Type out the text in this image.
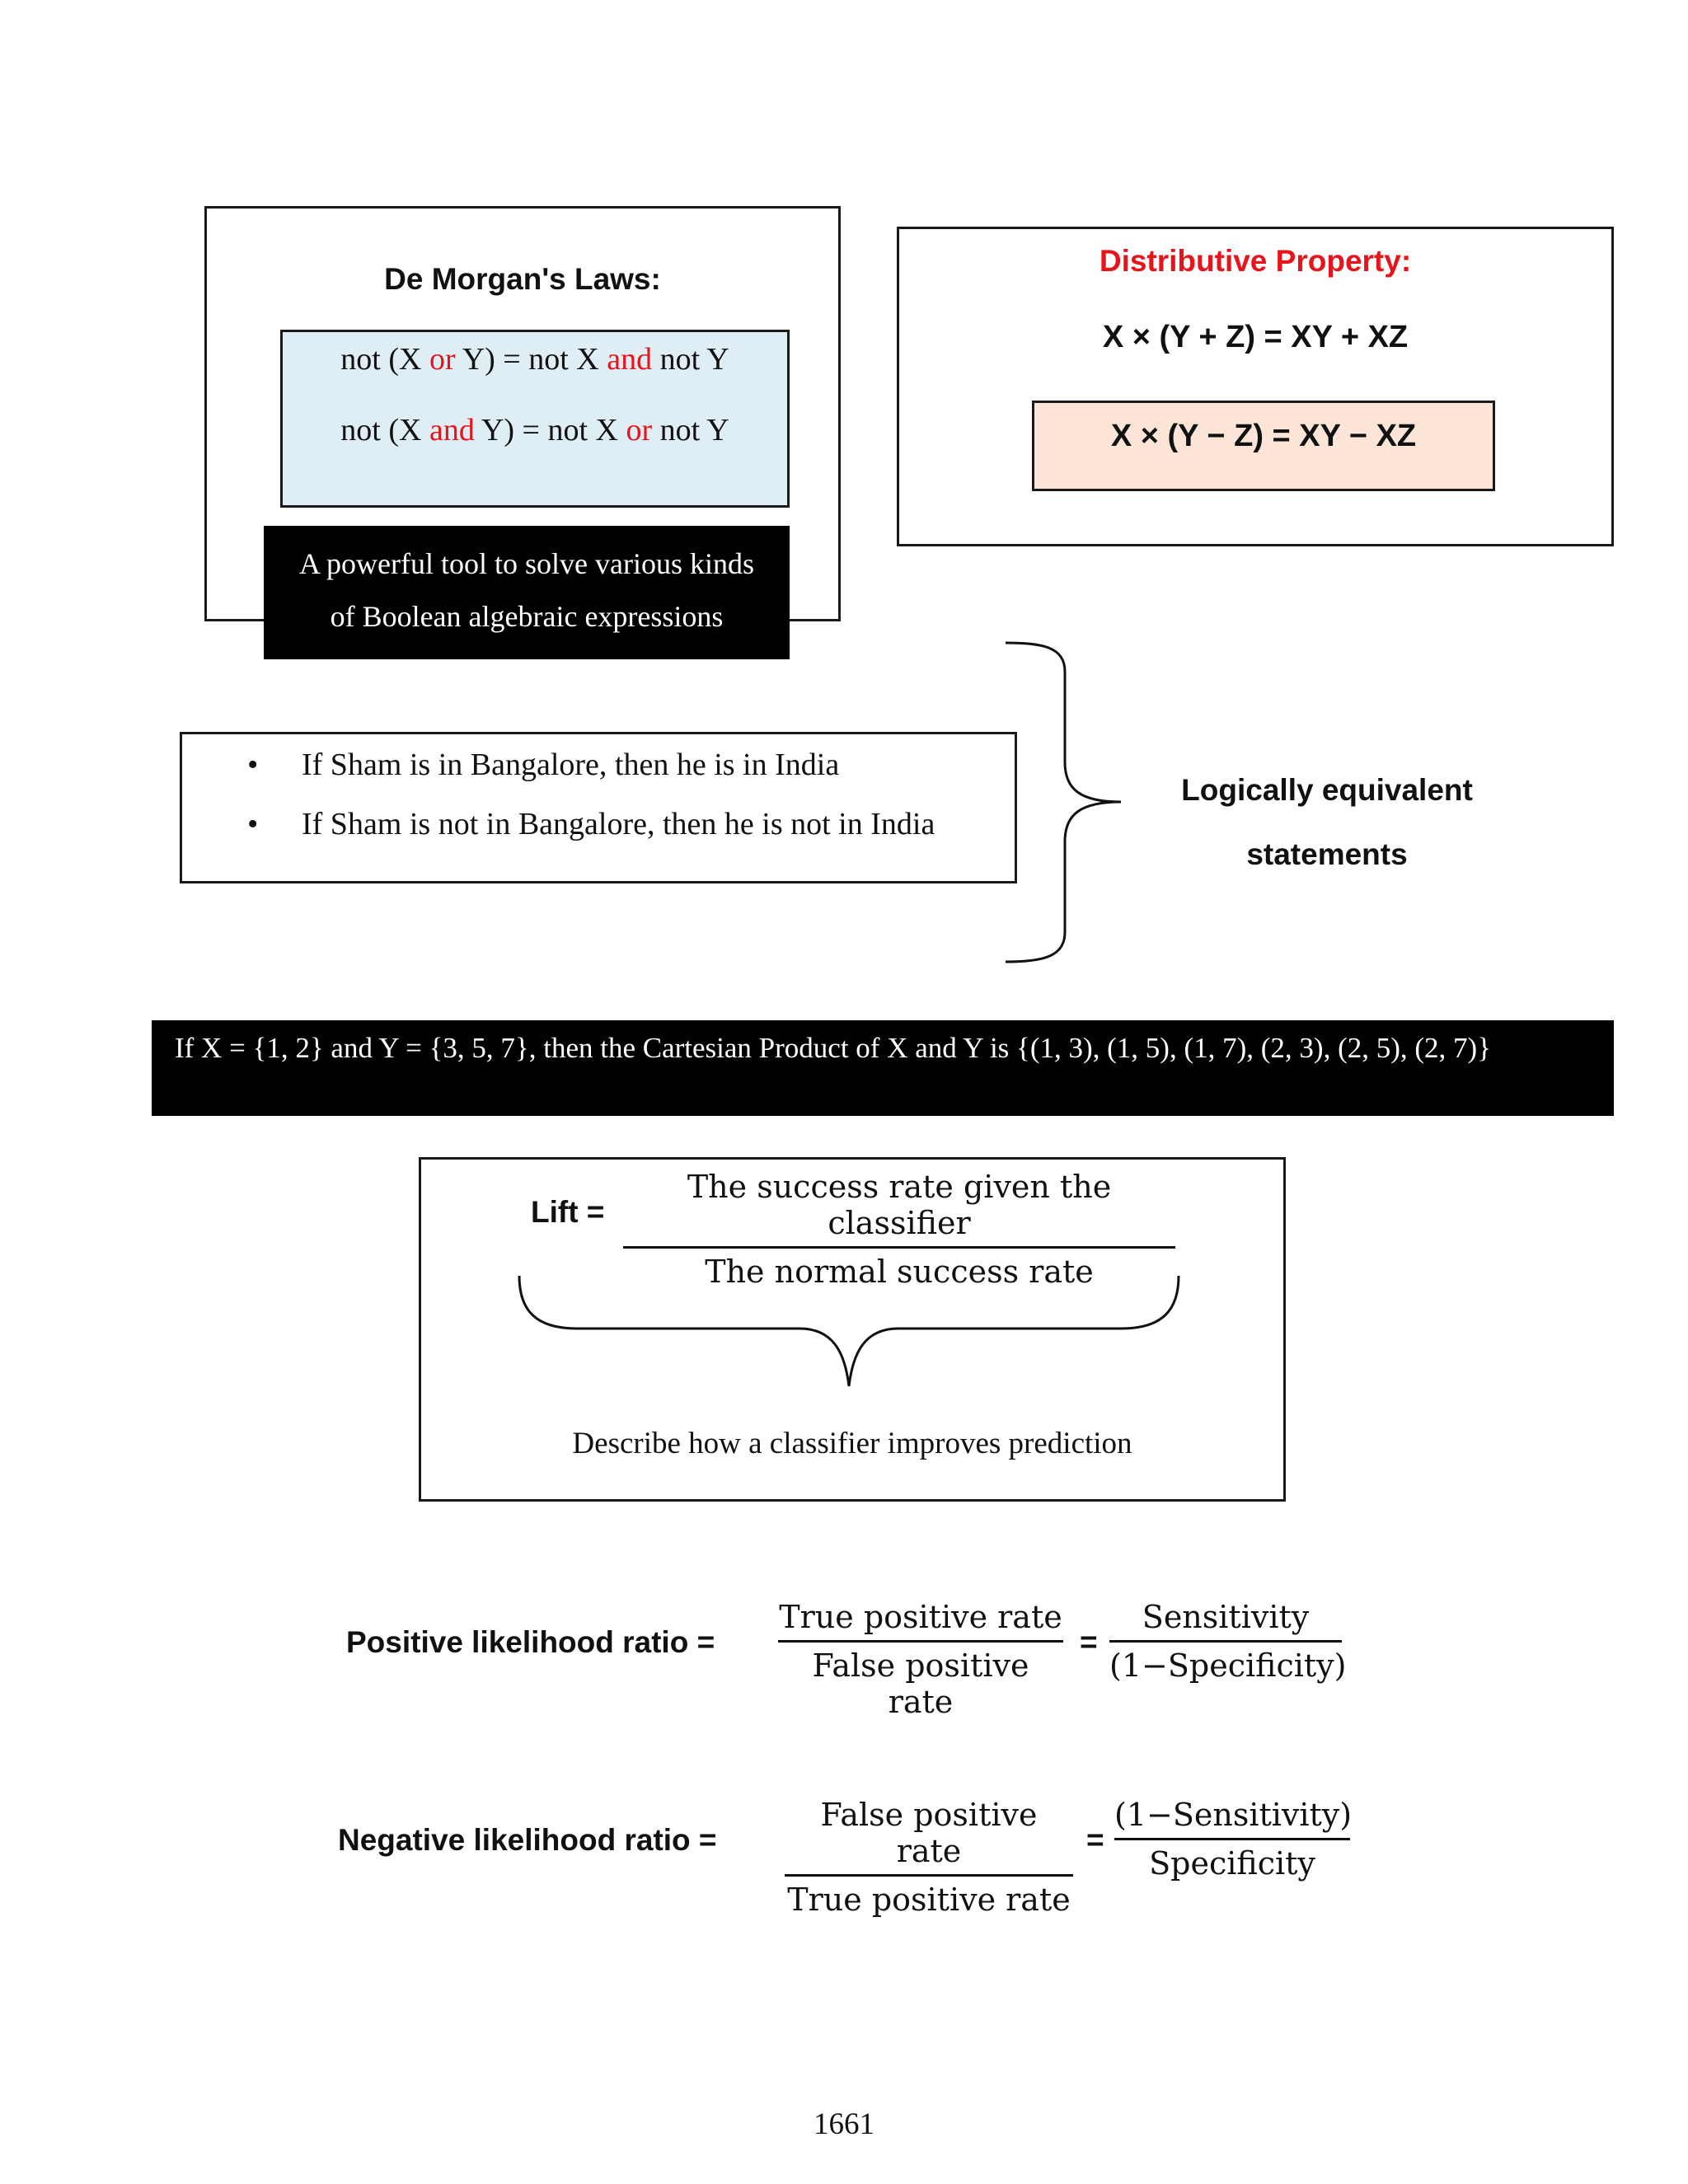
De Morgan's Laws:
not (X or Y) = not X and not Y
not (X and Y) = not X or not Y
A powerful tool to solve various kinds
of Boolean algebraic expressions
Distributive Property:
X × (Y + Z) = XY + XZ
X × (Y − Z) = XY − XZ
• If Sham is in Bangalore, then he is in India
• If Sham is not in Bangalore, then he is not in India
Logically equivalent
statements
If X = {1, 2} and Y = {3, 5, 7}, then the Cartesian Product of X and Y is {(1, 3), (1, 5), (1, 7), (2, 3), (2, 5), (2, 7)}
Lift =
The success rate given the classifier
The normal success rate
Describe how a classifier improves prediction
Positive likelihood ratio =
True positive rate
False positive rate
=
Sensitivity
(1−Specificity)
Negative likelihood ratio =
False positive rate
True positive rate
=
(1−Sensitivity)
Specificity
1661
